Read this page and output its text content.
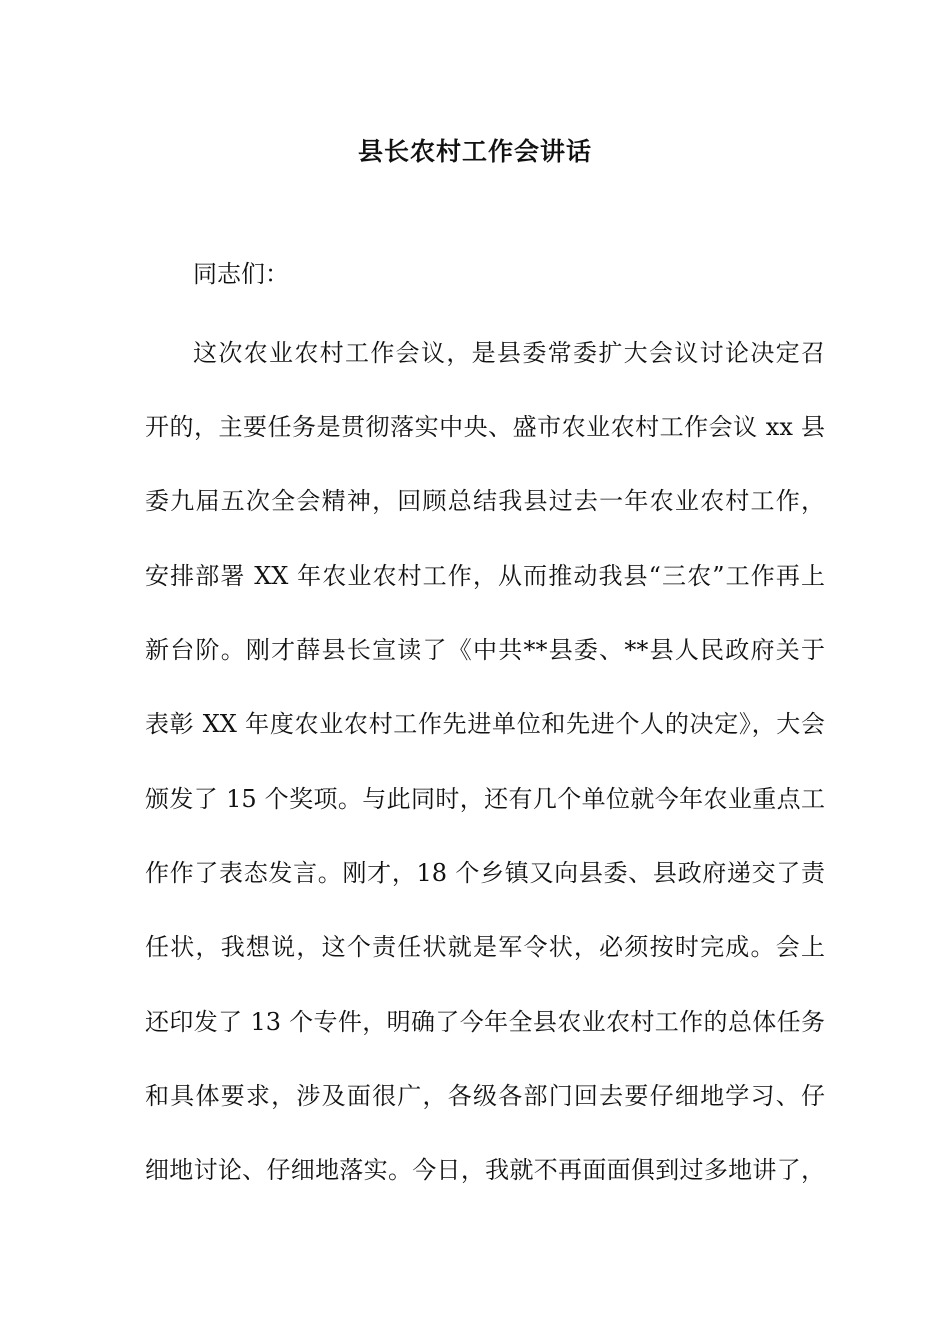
县长农村工作会讲话
同志们：
这次农业农村工作会议，是县委常委扩大会议讨论决定召
开的，主要任务是贯彻落实中央、盛市农业农村工作会议 xx 县
委九届五次全会精神，回顾总结我县过去一年农业农村工作，
安排部署 XX 年农业农村工作，从而推动我县“三农”工作再上
新台阶。刚才薛县长宣读了《中共**县委、**县人民政府关于
表彰 XX 年度农业农村工作先进单位和先进个人的决定》，大会
颁发了 15 个奖项。与此同时，还有几个单位就今年农业重点工
作作了表态发言。刚才，18 个乡镇又向县委、县政府递交了责
任状，我想说，这个责任状就是军令状，必须按时完成。会上
还印发了 13 个专件，明确了今年全县农业农村工作的总体任务
和具体要求，涉及面很广，各级各部门回去要仔细地学习、仔
细地讨论、仔细地落实。今日，我就不再面面俱到过多地讲了，
